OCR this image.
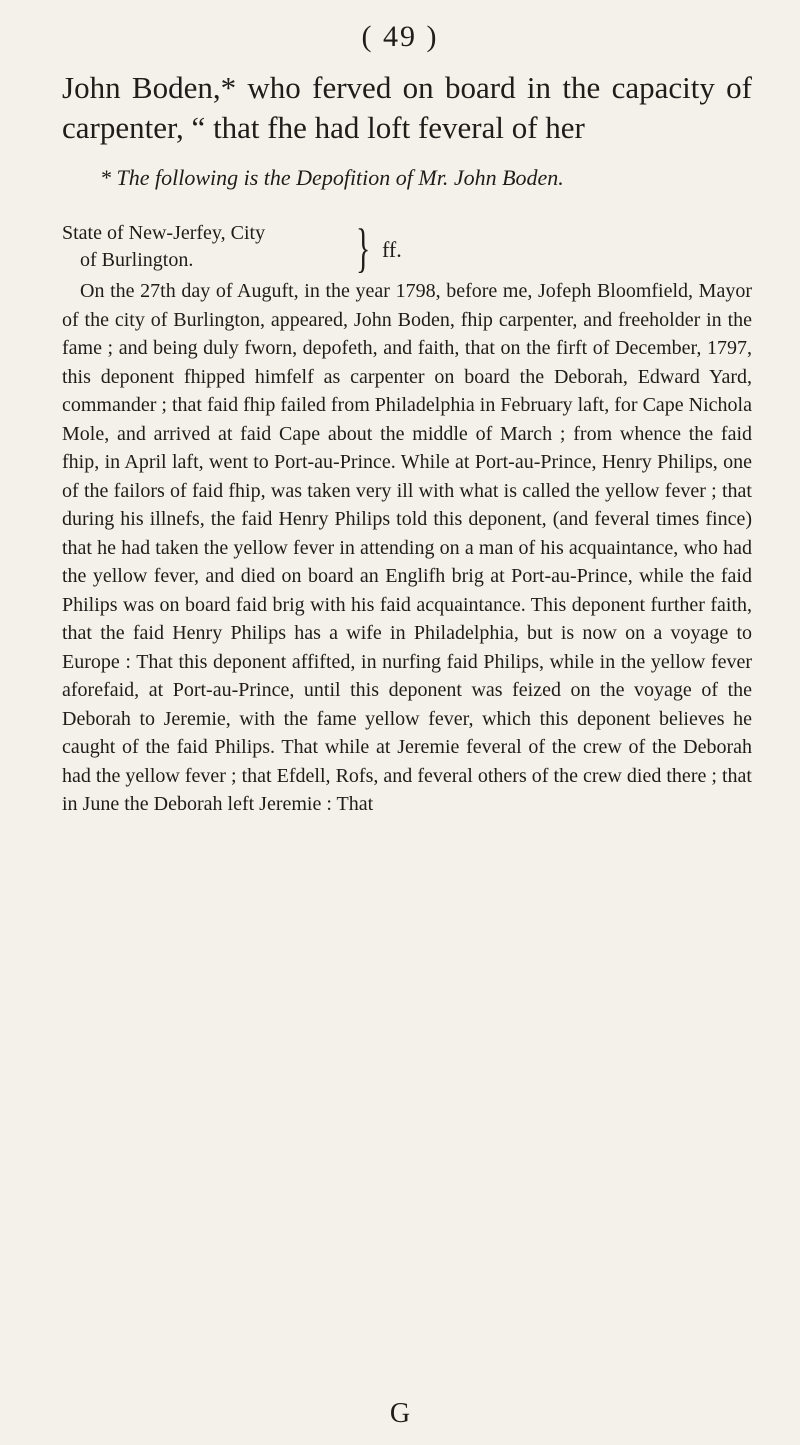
( 49 )

John Boden,* who ferved on board in the capacity of carpenter, “ that fhe had loft feveral of her

* The following is the Depofition of Mr. John Boden.

State of New-Jerfey, City
of Burlington.	} ff.

On the 27th day of Auguft, in the year 1798, before me, Jofeph Bloomfield, Mayor of the city of Burlington, appeared, John Boden, fhip carpenter, and freeholder in the fame ; and being duly fworn, depofeth, and faith, that on the firft of December, 1797, this deponent fhipped himfelf as carpenter on board the Deborah, Edward Yard, commander ; that faid fhip failed from Philadelphia in February laft, for Cape Nichola Mole, and arrived at faid Cape about the middle of March ; from whence the faid fhip, in April laft, went to Port-au-Prince. While at Port-au-Prince, Henry Philips, one of the failors of faid fhip, was taken very ill with what is called the yellow fever ; that during his illnefs, the faid Henry Philips told this deponent, (and feveral times fince) that he had taken the yellow fever in attending on a man of his acquaintance, who had the yellow fever, and died on board an Englifh brig at Port-au-Prince, while the faid Philips was on board faid brig with his faid acquaintance. This deponent further faith, that the faid Henry Philips has a wife in Philadelphia, but is now on a voyage to Europe : That this deponent affifted, in nurfing faid Philips, while in the yellow fever aforefaid, at Port-au-Prince, until this deponent was feized on the voyage of the Deborah to Jeremie, with the fame yellow fever, which this deponent believes he caught of the faid Philips. That while at Jeremie feveral of the crew of the Deborah had the yellow fever ; that Efdell, Rofs, and feveral others of the crew died there ; that in June the Deborah left Jeremie : That

G
